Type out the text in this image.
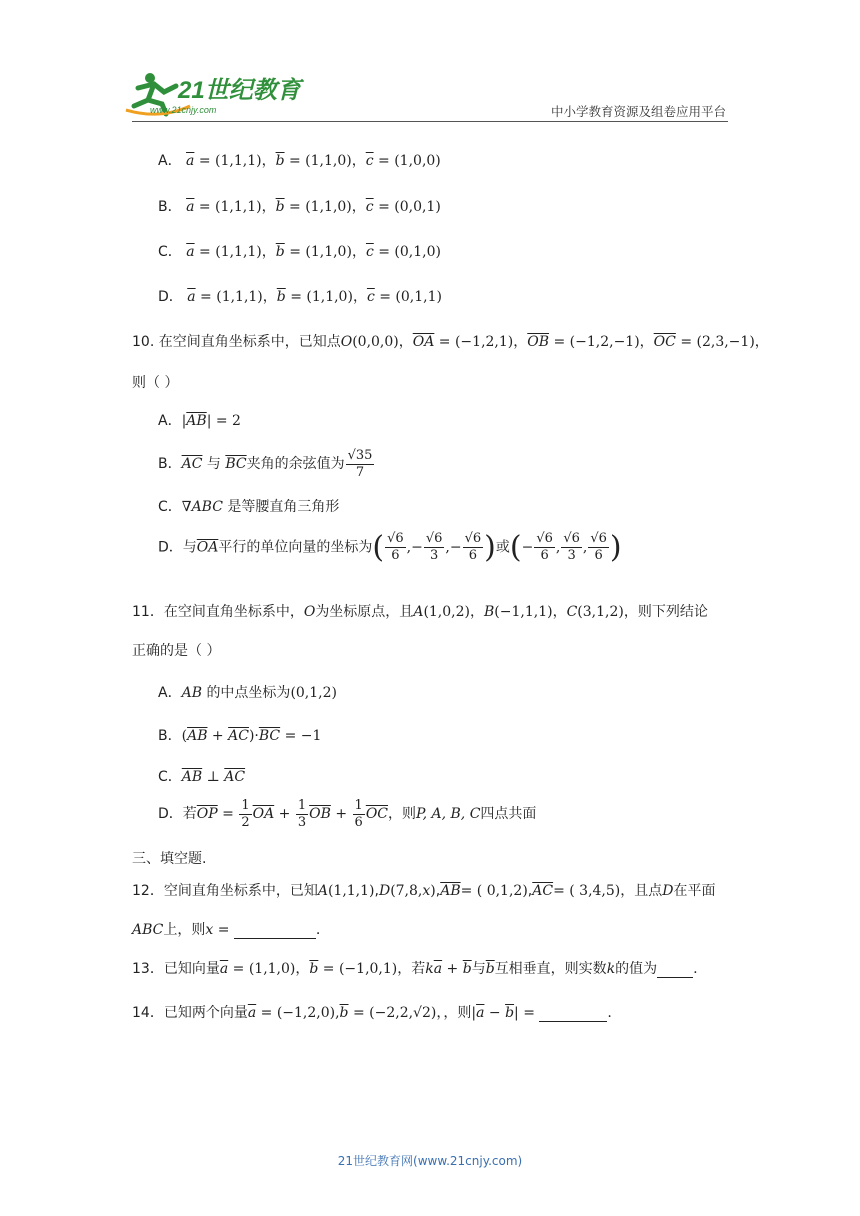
21世纪教育
www.21cnjy.com	中小学教育资源及组卷应用平台
A． $\overline{a} = (1,1,1)$，$\overline{b} = (1,1,0)$，$\overline{c} = (1,0,0)$
B． $\overline{a} = (1,1,1)$，$\overline{b} = (1,1,0)$，$\overline{c} = (0,0,1)$
C． $\overline{a} = (1,1,1)$，$\overline{b} = (1,1,0)$，$\overline{c} = (0,1,0)$
D． $\overline{a} = (1,1,1)$，$\overline{b} = (1,1,0)$，$\overline{c} = (0,1,1)$
10. 在空间直角坐标系中，已知点O(0,0,0)，$\overline{OA} = (-1,2,1)$，$\overline{OB} = (-1,2,-1)$，$\overline{OC} = (2,3,-1)$，
则（ ）
A．$|\overline{AB}| = 2$
B．$\overline{AC}$ 与 $\overline{BC}$夹角的余弦值为 $\frac{√35}{7}$
C．∇ABC 是等腰直角三角形
D．与$\overline{OA}$平行的单位向量的坐标为( $\frac{√6}{6}$ ,− $\frac{√6}{3}$ ,− $\frac{√6}{6}$ )或(− $\frac{√6}{6}$ , $\frac{√6}{3}$ , $\frac{√6}{6}$ )
11．在空间直角坐标系中，O为坐标原点，且A(1,0,2)，B(−1,1,1)，C(3,1,2)，则下列结论
正确的是（ ）
A．AB 的中点坐标为(0,1,2)
B．$(\overline{AB} + \overline{AC})\cdot\overline{BC} = -1$
C．$\overline{AB}$ ⊥ $\overline{AC}$
D．若$\overline{OP} = \frac{1}{2} \overline{OA} + \frac{1}{3} \overline{OB} + \frac{1}{6} \overline{OC}$，则P, A, B, C四点共面
三、填空题.
12．空间直角坐标系中，已知$A(1,1,1),D(7,8,x),\overline{AB}=$ ( $0,1,2),\overline{AC}=$ ( 3,4,5)，且点D在平面
ABC上，则x =	.
13．已知向量$\overline{a} = (1,1,0)$，$\overline{b} = (-1,0,1)$，若$k\overline{a} + \overline{b}$与$\overline{b}$互相垂直，则实数k的值为	.
14．已知两个向量$\overline{a} = (-1,2,0),\overline{b} = (-2,2,√2)$，，则$|\overline{a} - \overline{b}|$ =	.
21世纪教育网(www.21cnjy.com)
